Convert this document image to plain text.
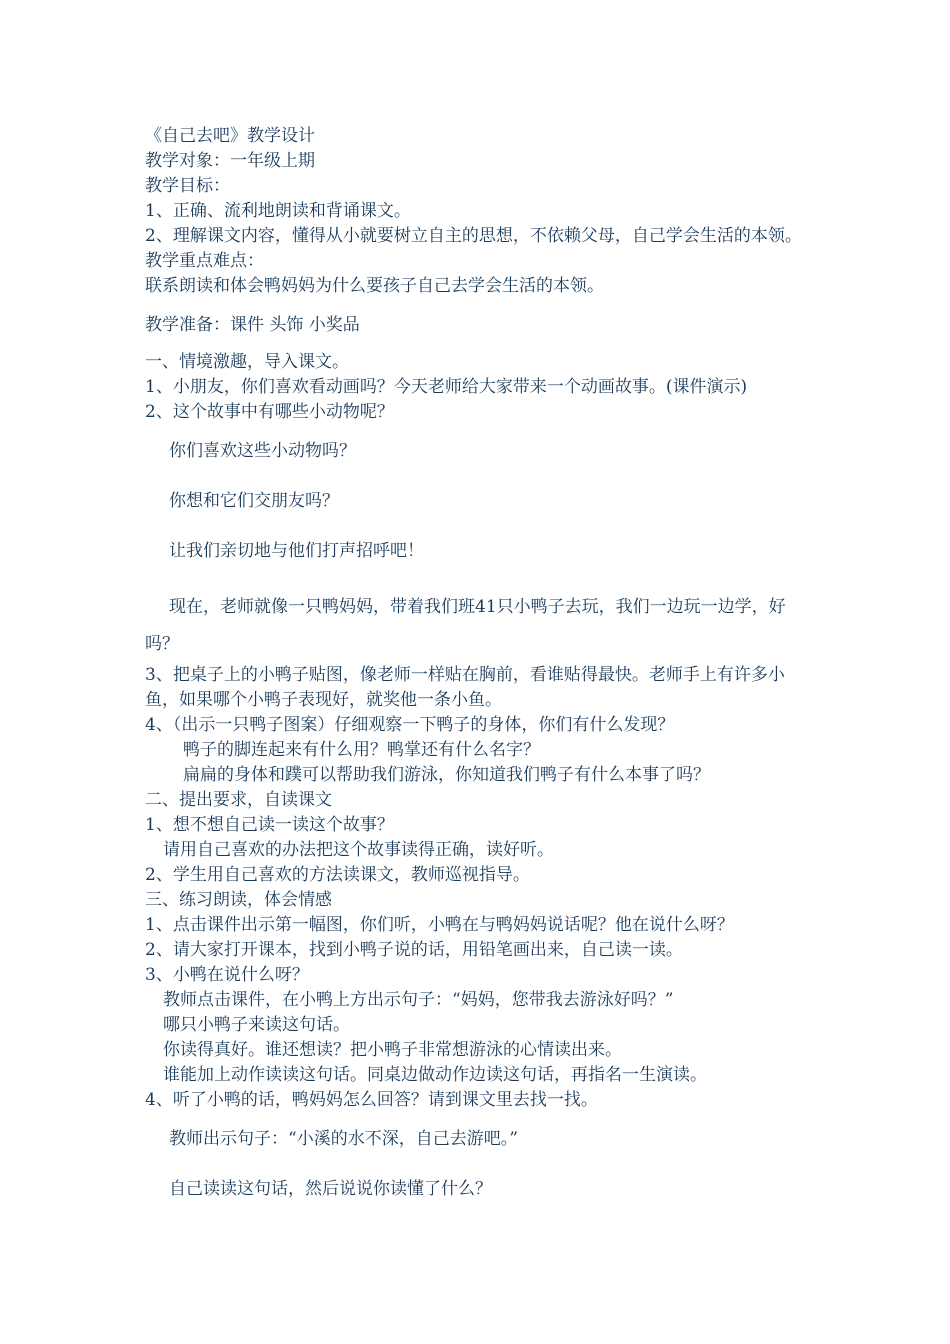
《自己去吧》教学设计
教学对象：一年级上期
教学目标：
1、正确、流利地朗读和背诵课文。
2、理解课文内容，懂得从小就要树立自主的思想，不依赖父母，自己学会生活的本领。
教学重点难点：
联系朗读和体会鸭妈妈为什么要孩子自己去学会生活的本领。
教学准备：课件 头饰 小奖品
一、情境激趣，导入课文。
1、小朋友，你们喜欢看动画吗？今天老师给大家带来一个动画故事。(课件演示)
2、这个故事中有哪些小动物呢？
你们喜欢这些小动物吗？
你想和它们交朋友吗？
让我们亲切地与他们打声招呼吧！
现在，老师就像一只鸭妈妈，带着我们班41只小鸭子去玩，我们一边玩一边学，好吗？
3、把桌子上的小鸭子贴图，像老师一样贴在胸前，看谁贴得最快。老师手上有许多小鱼，如果哪个小鸭子表现好，就奖他一条小鱼。
4、（出示一只鸭子图案）仔细观察一下鸭子的身体，你们有什么发现？
鸭子的脚连起来有什么用？鸭掌还有什么名字？
扁扁的身体和蹼可以帮助我们游泳，你知道我们鸭子有什么本事了吗？
二、提出要求，自读课文
1、想不想自己读一读这个故事？
请用自己喜欢的办法把这个故事读得正确，读好听。
2、学生用自己喜欢的方法读课文，教师巡视指导。
三、练习朗读，体会情感
1、点击课件出示第一幅图，你们听，小鸭在与鸭妈妈说话呢？他在说什么呀？
2、请大家打开课本，找到小鸭子说的话，用铅笔画出来，自己读一读。
3、小鸭在说什么呀？
教师点击课件，在小鸭上方出示句子：“妈妈，您带我去游泳好吗？”
哪只小鸭子来读这句话。
你读得真好。谁还想读？把小鸭子非常想游泳的心情读出来。
谁能加上动作读读这句话。同桌边做动作边读这句话，再指名一生演读。
4、听了小鸭的话，鸭妈妈怎么回答？请到课文里去找一找。
教师出示句子：“小溪的水不深，自己去游吧。”
自己读读这句话，然后说说你读懂了什么？
